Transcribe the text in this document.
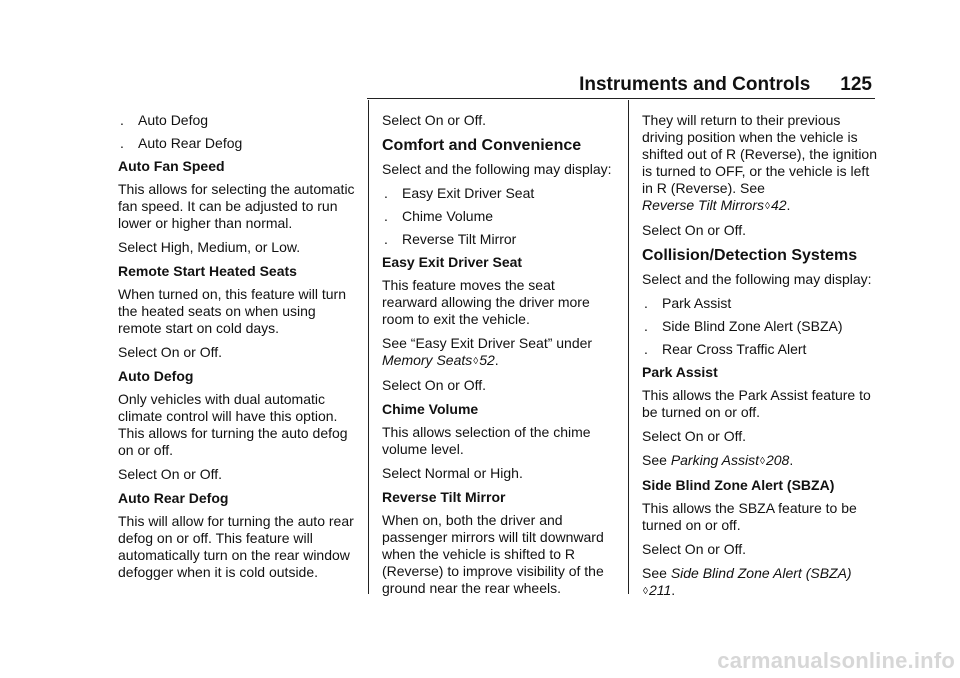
Instruments and Controls 125
.	Auto Defog
.	Auto Rear Defog
Auto Fan Speed

This allows for selecting the automatic fan speed. It can be adjusted to run lower or higher than normal.

Select High, Medium, or Low.

Remote Start Heated Seats

When turned on, this feature will turn the heated seats on when using remote start on cold days.

Select On or Off.

Auto Defog

Only vehicles with dual automatic climate control will have this option. This allows for turning the auto defog on or off.

Select On or Off.

Auto Rear Defog

This will allow for turning the auto rear defog on or off. This feature will automatically turn on the rear window defogger when it is cold outside.

Select On or Off.

Comfort and Convenience

Select and the following may display:

.	Easy Exit Driver Seat
.	Chime Volume
.	Reverse Tilt Mirror
Easy Exit Driver Seat

This feature moves the seat rearward allowing the driver more room to exit the vehicle.

See “Easy Exit Driver Seat” under
Memory Seats◊52.

Select On or Off.

Chime Volume

This allows selection of the chime volume level.

Select Normal or High.

Reverse Tilt Mirror

When on, both the driver and passenger mirrors will tilt downward when the vehicle is shifted to R (Reverse) to improve visibility of the ground near the rear wheels.

They will return to their previous driving position when the vehicle is shifted out of R (Reverse), the ignition is turned to OFF, or the vehicle is left in R (Reverse). See
Reverse Tilt Mirrors◊42.

Select On or Off.

Collision/Detection Systems

Select and the following may display:

.	Park Assist
.	Side Blind Zone Alert (SBZA)
.	Rear Cross Traffic Alert
Park Assist

This allows the Park Assist feature to be turned on or off.

Select On or Off.

See Parking Assist◊208.

Side Blind Zone Alert (SBZA)

This allows the SBZA feature to be turned on or off.

Select On or Off.

See Side Blind Zone Alert (SBZA)
◊211.

carmanualsonline.info
